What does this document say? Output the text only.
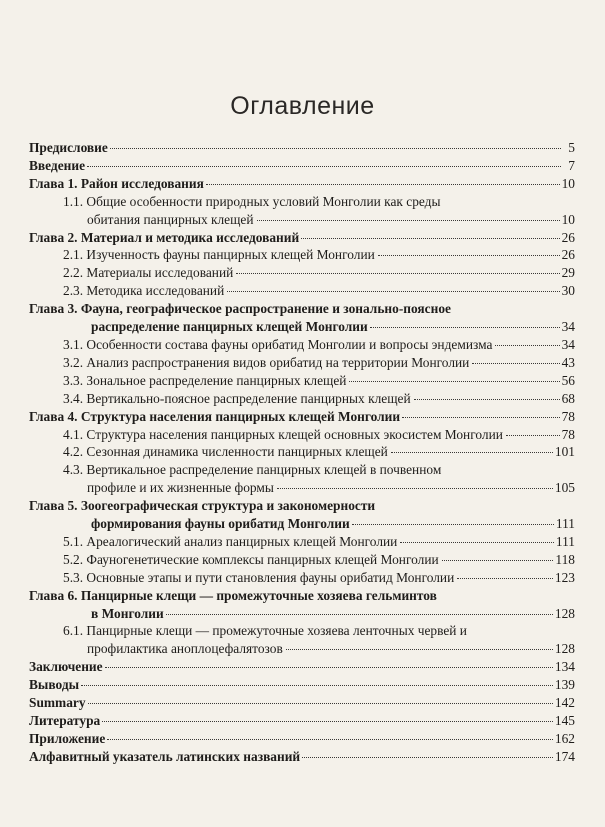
Оглавление
Предисловие	5
Введение	7
Глава 1. Район исследования	10
1.1. Общие особенности природных условий Монголии как среды
обитания панцирных клещей	10
Глава 2. Материал и методика исследований	26
2.1. Изученность фауны панцирных клещей Монголии	26
2.2. Материалы исследований	29
2.3. Методика исследований	30
Глава 3. Фауна, географическое распространение и зонально-поясное
распределение панцирных клещей Монголии	34
3.1. Особенности состава фауны орибатид Монголии и вопросы эндемизма	34
3.2. Анализ распространения видов орибатид на территории Монголии	43
3.3. Зональное распределение панцирных клещей	56
3.4. Вертикально-поясное распределение панцирных клещей	68
Глава 4. Структура населения панцирных клещей Монголии	78
4.1. Структура населения панцирных клещей основных экосистем Монголии	78
4.2. Сезонная динамика численности панцирных клещей	101
4.3. Вертикальное распределение панцирных клещей в почвенном
профиле и их жизненные формы	105
Глава 5. Зоогеографическая структура и закономерности
формирования фауны орибатид Монголии	111
5.1. Ареалогический анализ панцирных клещей Монголии	111
5.2. Фауногенетические комплексы панцирных клещей Монголии	118
5.3. Основные этапы и пути становления фауны орибатид Монголии	123
Глава 6. Панцирные клещи — промежуточные хозяева гельминтов
в Монголии	128
6.1. Панцирные клещи — промежуточные хозяева ленточных червей и
профилактика аноплоцефалятозов	128
Заключение	134
Выводы	139
Summary	142
Литература	145
Приложение	162
Алфавитный указатель латинских названий	174
